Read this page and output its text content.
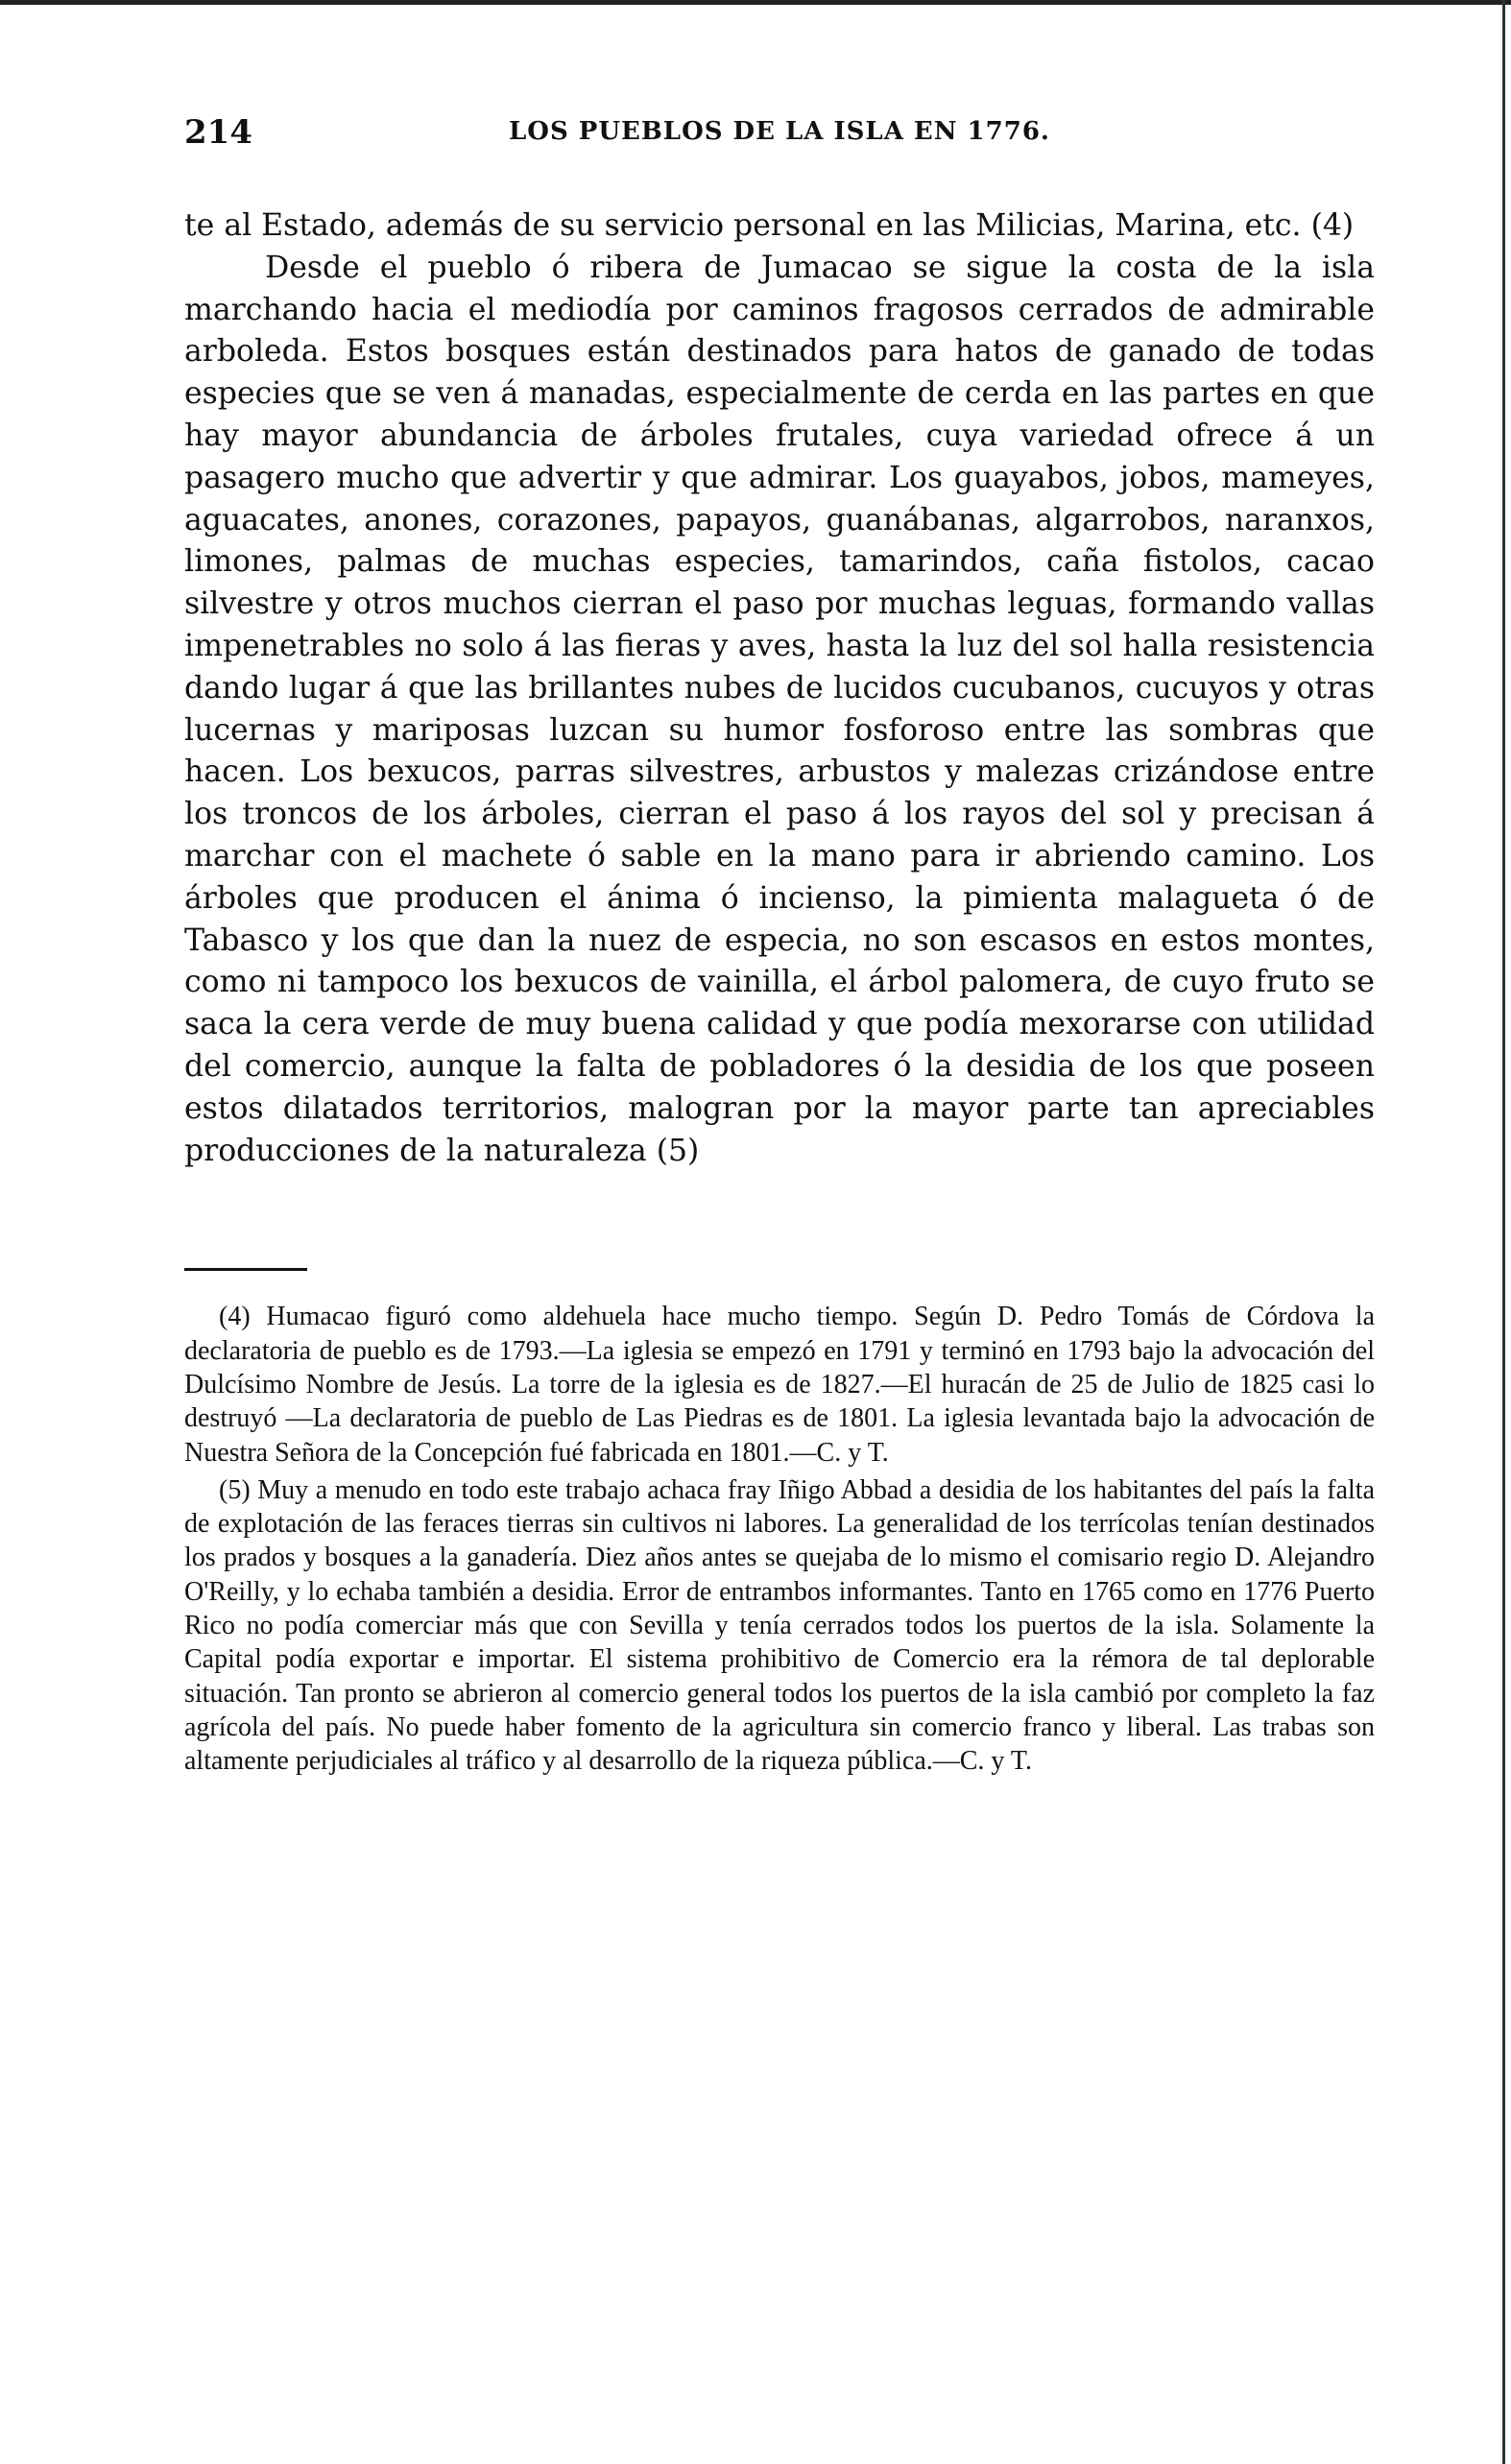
214	LOS PUEBLOS DE LA ISLA EN 1776.

te al Estado, además de su servicio personal en las Milicias, Marina, etc. (4)

Desde el pueblo ó ribera de Jumacao se sigue la costa de la isla marchando hacia el mediodía por caminos fragosos cerrados de admirable arboleda. Estos bosques están destinados para hatos de ganado de todas especies que se ven á manadas, especialmente de cerda en las partes en que hay mayor abundancia de árboles frutales, cuya variedad ofrece á un pasagero mucho que advertir y que admirar. Los guayabos, jobos, mameyes, aguacates, anones, corazones, papayos, guanábanas, algarrobos, naranxos, limones, palmas de muchas especies, tamarindos, caña fistolos, cacao silvestre y otros muchos cierran el paso por muchas leguas, formando vallas impenetrables no solo á las fieras y aves, hasta la luz del sol halla resistencia dando lugar á que las brillantes nubes de lucidos cucubanos, cucuyos y otras lucernas y mariposas luzcan su humor fosforoso entre las sombras que hacen. Los bexucos, parras silvestres, arbustos y malezas crizándose entre los troncos de los árboles, cierran el paso á los rayos del sol y precisan á marchar con el machete ó sable en la mano para ir abriendo camino. Los árboles que producen el ánima ó incienso, la pimienta malagueta ó de Tabasco y los que dan la nuez de especia, no son escasos en estos montes, como ni tampoco los bexucos de vainilla, el árbol palomera, de cuyo fruto se saca la cera verde de muy buena calidad y que podía mexorarse con utilidad del comercio, aunque la falta de pobladores ó la desidia de los que poseen estos dilatados territorios, malogran por la mayor parte tan apreciables producciones de la naturaleza (5)

(4) Humacao figuró como aldehuela hace mucho tiempo. Según D. Pedro Tomás de Córdova la declaratoria de pueblo es de 1793.—La iglesia se empezó en 1791 y terminó en 1793 bajo la advocación del Dulcísimo Nombre de Jesús. La torre de la iglesia es de 1827.—El huracán de 25 de Julio de 1825 casi lo destruyó —La declaratoria de pueblo de Las Piedras es de 1801. La iglesia levantada bajo la advocación de Nuestra Señora de la Concepción fué fabricada en 1801.—C. y T.

(5) Muy a menudo en todo este trabajo achaca fray Iñigo Abbad a desidia de los habitantes del país la falta de explotación de las feraces tierras sin cultivos ni labores. La generalidad de los terrícolas tenían destinados los prados y bosques a la ganadería. Diez años antes se quejaba de lo mismo el comisario regio D. Alejandro O'Reilly, y lo echaba también a desidia. Error de entrambos informantes. Tanto en 1765 como en 1776 Puerto Rico no podía comerciar más que con Sevilla y tenía cerrados todos los puertos de la isla. Solamente la Capital podía exportar e importar. El sistema prohibitivo de Comercio era la rémora de tal deplorable situación. Tan pronto se abrieron al comercio general todos los puertos de la isla cambió por completo la faz agrícola del país. No puede haber fomento de la agricultura sin comercio franco y liberal. Las trabas son altamente perjudiciales al tráfico y al desarrollo de la riqueza pública.—C. y T.
